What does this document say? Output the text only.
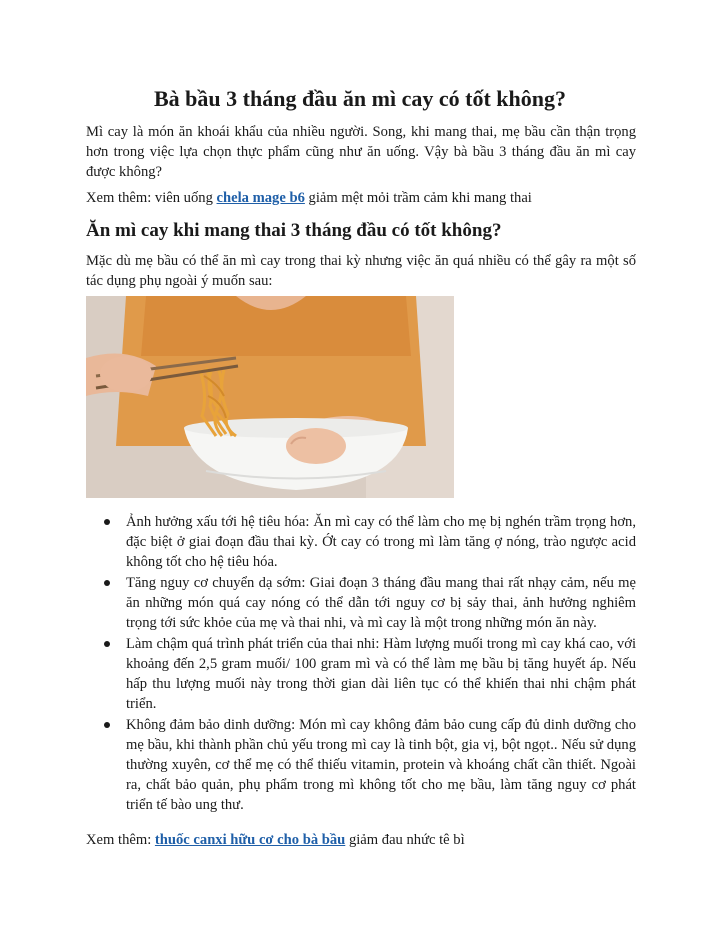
Bà bầu 3 tháng đầu ăn mì cay có tốt không?

Mì cay là món ăn khoái khẩu của nhiều người. Song, khi mang thai, mẹ bầu cần thận trọng hơn trong việc lựa chọn thực phẩm cũng như ăn uống. Vậy bà bầu 3 tháng đầu ăn mì cay được không?

Xem thêm: viên uống chela mage b6 giảm mệt mỏi trầm cảm khi mang thai

Ăn mì cay khi mang thai 3 tháng đầu có tốt không?

Mặc dù mẹ bầu có thể ăn mì cay trong thai kỳ nhưng việc ăn quá nhiều có thể gây ra một số tác dụng phụ ngoài ý muốn sau:

Ảnh hưởng xấu tới hệ tiêu hóa: Ăn mì cay có thể làm cho mẹ bị nghén trầm trọng hơn, đặc biệt ở giai đoạn đầu thai kỳ. Ớt cay có trong mì làm tăng ợ nóng, trào ngược acid không tốt cho hệ tiêu hóa.
Tăng nguy cơ chuyển dạ sớm: Giai đoạn 3 tháng đầu mang thai rất nhạy cảm, nếu mẹ ăn những món quá cay nóng có thể dẫn tới nguy cơ bị sảy thai, ảnh hưởng nghiêm trọng tới sức khỏe của mẹ và thai nhi, và mì cay là một trong những món ăn này.
Làm chậm quá trình phát triển của thai nhi: Hàm lượng muối trong mì cay khá cao, với khoảng đến 2,5 gram muối/ 100 gram mì và có thể làm mẹ bầu bị tăng huyết áp. Nếu hấp thu lượng muối này trong thời gian dài liên tục có thể khiến thai nhi chậm phát triển.
Không đảm bảo dinh dưỡng: Món mì cay không đảm bảo cung cấp đủ dinh dưỡng cho mẹ bầu, khi thành phần chủ yếu trong mì cay là tinh bột, gia vị, bột ngọt.. Nếu sử dụng thường xuyên, cơ thể mẹ có thể thiếu vitamin, protein và khoáng chất cần thiết. Ngoài ra, chất bảo quản, phụ phẩm trong mì không tốt cho mẹ bầu, làm tăng nguy cơ phát triển tế bào ung thư.

Xem thêm: thuốc canxi hữu cơ cho bà bầu giảm đau nhức tê bì
